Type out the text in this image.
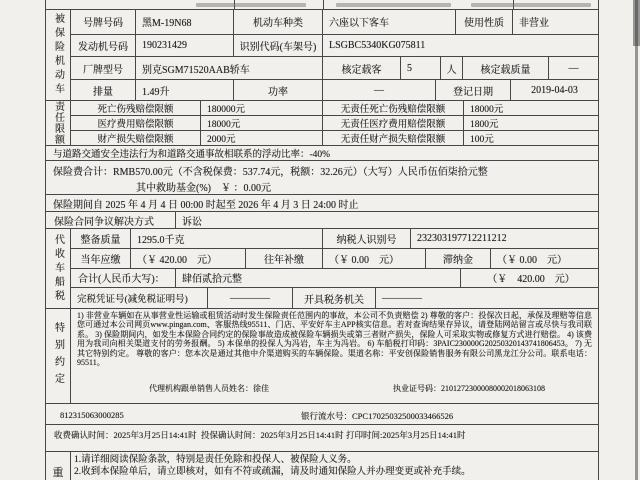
被保险机动车	号牌号码	黑M-19N68	机动车种类	六座以下客车	使用性质	非营业
发动机号码	190231429	识别代码(车架号)	LSGBC5340KG075811
厂牌型号	别克SGM71520AAB轿车	核定载客	5	人	核定载质量	—
排量	1.49升	功率	—	登记日期	2019-04-03
责任限额	死亡伤残赔偿限额	180000元	无责任死亡伤残赔偿限额	18000元
医疗费用赔偿限额	18000元	无责任医疗费用赔偿限额	1800元
财产损失赔偿限额	2000元	无责任财产损失赔偿限额	100元
与道路交通安全违法行为和道路交通事故相联系的浮动比率：-40%
保险费合计：RMB570.00元（不含税保费：537.74元，税额：32.26元）（大写）人民币伍佰柒拾元整
其中救助基金(%)　￥ ：0.00元
保险期间自 2025 年 4 月 4 日 00:00 时起至 2026 年 4 月 3 日 24:00 时止
保险合同争议解决方式	诉讼
代收车船税	整备质量	1295.0千克	纳税人识别号	232303197712211212
当年应缴	（￥ 420.00　元）	往年补缴	（￥ 0.00　元）	滞纳金	（￥ 0.00　元）
合计(人民币大写)：	肆佰贰拾元整	（￥　420.00　元）
完税凭证号(减免税证明号)	————	开具税务机关	————
特别约定
1) 非营业车辆如在从事营业性运输或租赁活动时发生保险责任范围内的事故，本公司不负责赔偿 2) 尊敬的客户：投保次日起，承保及理赔等信息您可通过本公司网页www.pingan.com、客服热线95511、门店、平安好车主APP核实信息。若对查询结果存异议，请登陆网站留言或尽快与我司联系。 3) 保险期间内，如发生本保险合同约定的保险事故造成被保险车辆损失或第三者财产损失，保险人可采取实物或修复方式进行赔偿。 4) 该费用为我司向相关渠道支付的劳务报酬。 5) 本保单的投保人为冯岩，车主为冯岩。 6) 车船税打印码：3PAIC230000G20250320143741806453。 7) 无其它特别约定。 尊敬的客户：您本次是通过其他中介渠道购买的车辆保险。渠道名称：平安创保险销售服务有限公司黑龙江分公司。联系电话：95511。
代理机构跟单销售人员姓名：徐佳	执业证号码：21012723000080002018063108
812315063000285	银行流水号：CPC17025032500033466526
收费确认时间：2025年3月25日14:41时 投保确认时间：2025年3月25日14:41时 打印时间:2025年3月25日14:41时
重
1.请详细阅读保险条款，特别是责任免除和投保人、被保险人义务。
2.收到本保险单后，请立即核对，如有不符或疏漏，请及时通知保险人并办理变更或补充手续。
